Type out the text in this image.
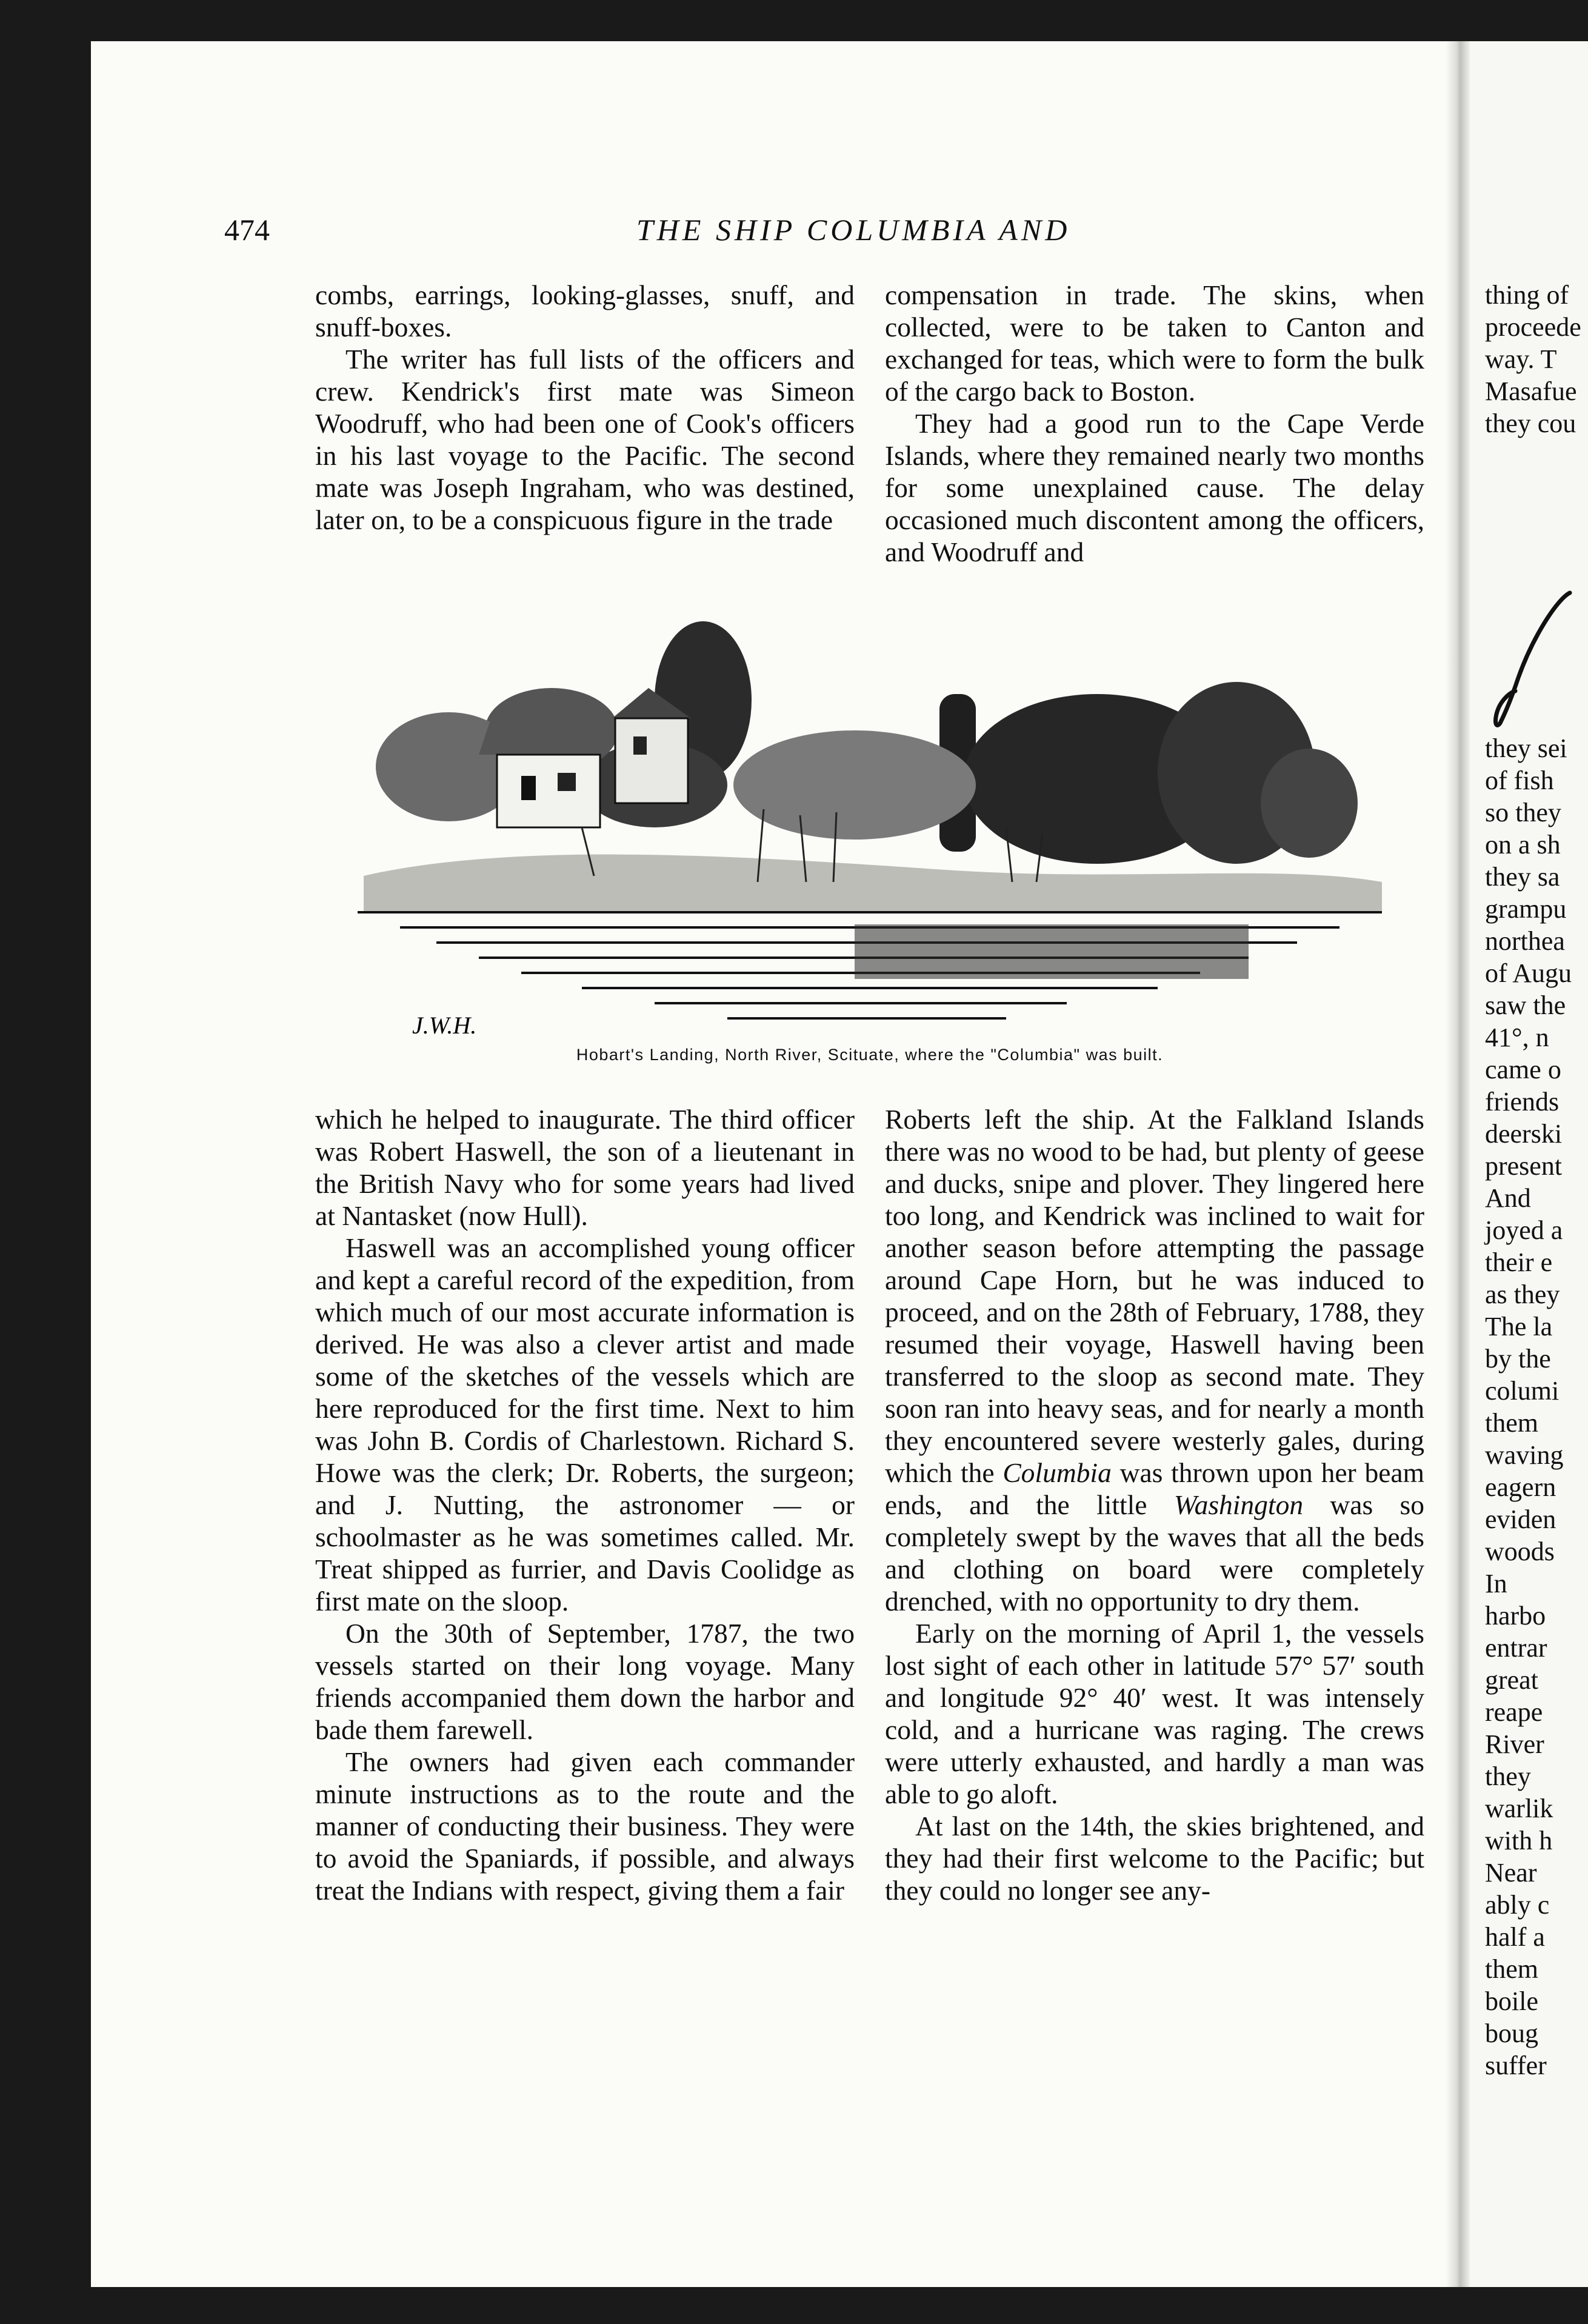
thing of
proceede
way. T
Masafue
they cou
they sei
of fish
so they
on a sh
they sa
grampu
northea
of Augu
saw the
41°, n
came o
friends
deerski
present
And
joyed a
their e
as they
The la
by the
columi
them
waving
eagern
eviden
woods
In
harbo
entrar
great
reape
River
they
warlik
with h
Near
ably c
half a
them
boile
boug
suffer
474	THE SHIP COLUMBIA AND

combs, earrings, looking-glasses, snuff, and snuff-boxes.

The writer has full lists of the officers and crew. Kendrick's first mate was Simeon Woodruff, who had been one of Cook's officers in his last voyage to the Pacific. The second mate was Joseph Ingraham, who was destined, later on, to be a conspicuous figure in the trade

compensation in trade. The skins, when collected, were to be taken to Canton and exchanged for teas, which were to form the bulk of the cargo back to Boston.

They had a good run to the Cape Verde Islands, where they remained nearly two months for some unexplained cause. The delay occasioned much discontent among the officers, and Woodruff and

J.W.H.
Hobart's Landing, North River, Scituate, where the "Columbia" was built.

which he helped to inaugurate. The third officer was Robert Haswell, the son of a lieutenant in the British Navy who for some years had lived at Nantasket (now Hull).

Haswell was an accomplished young officer and kept a careful record of the expedition, from which much of our most accurate information is derived. He was also a clever artist and made some of the sketches of the vessels which are here reproduced for the first time. Next to him was John B. Cordis of Charlestown. Richard S. Howe was the clerk; Dr. Roberts, the surgeon; and J. Nutting, the astronomer — or schoolmaster as he was sometimes called. Mr. Treat shipped as furrier, and Davis Coolidge as first mate on the sloop.

On the 30th of September, 1787, the two vessels started on their long voyage. Many friends accompanied them down the harbor and bade them farewell.

The owners had given each commander minute instructions as to the route and the manner of conducting their business. They were to avoid the Spaniards, if possible, and always treat the Indians with respect, giving them a fair

Roberts left the ship. At the Falkland Islands there was no wood to be had, but plenty of geese and ducks, snipe and plover. They lingered here too long, and Kendrick was inclined to wait for another season before attempting the passage around Cape Horn, but he was induced to proceed, and on the 28th of February, 1788, they resumed their voyage, Haswell having been transferred to the sloop as second mate. They soon ran into heavy seas, and for nearly a month they encountered severe westerly gales, during which the Columbia was thrown upon her beam ends, and the little Washington was so completely swept by the waves that all the beds and clothing on board were completely drenched, with no opportunity to dry them.

Early on the morning of April 1, the vessels lost sight of each other in latitude 57° 57′ south and longitude 92° 40′ west. It was intensely cold, and a hurricane was raging. The crews were utterly exhausted, and hardly a man was able to go aloft.

At last on the 14th, the skies brightened, and they had their first welcome to the Pacific; but they could no longer see any-
